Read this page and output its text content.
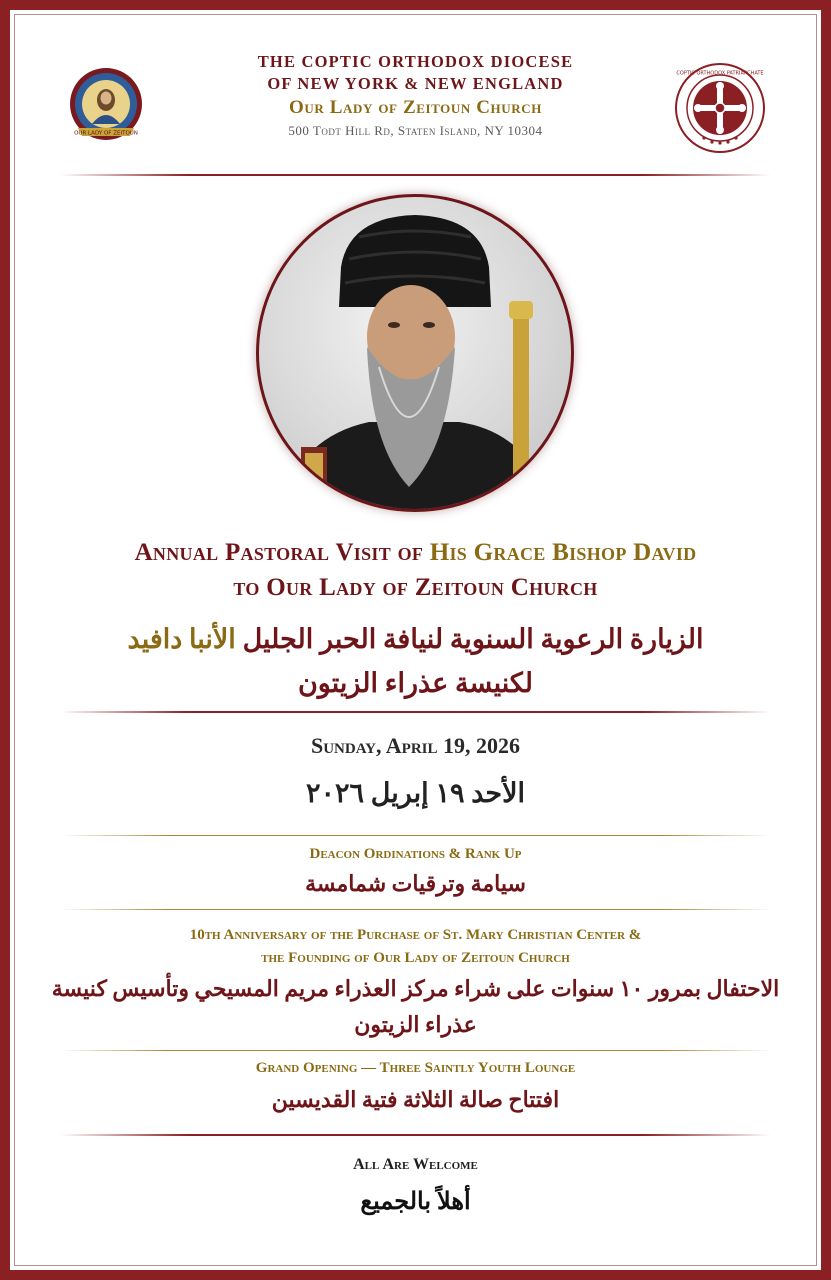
OUR LADY OF ZEITOUN
COPTIC ORTHODOX PATRIARCHATE
THE COPTIC ORTHODOX DIOCESE
OF NEW YORK & NEW ENGLAND
Our Lady of Zeitoun Church
500 Todt Hill Rd, Staten Island, NY 10304
Annual Pastoral Visit of His Grace Bishop David
to Our Lady of Zeitoun Church
الزيارة الرعوية السنوية لنيافة الحبر الجليل الأنبا دافيد
لكنيسة عذراء الزيتون
Sunday, April 19, 2026
الأحد ١٩ إبريل ٢٠٢٦
Deacon Ordinations & Rank Up
سيامة وترقيات شمامسة
10th Anniversary of the Purchase of St. Mary Christian Center &
the Founding of Our Lady of Zeitoun Church
الاحتفال بمرور ١٠ سنوات على شراء مركز العذراء مريم المسيحي وتأسيس كنيسة
عذراء الزيتون
Grand Opening — Three Saintly Youth Lounge
افتتاح صالة الثلاثة فتية القديسين
All Are Welcome
أهلاً بالجميع
